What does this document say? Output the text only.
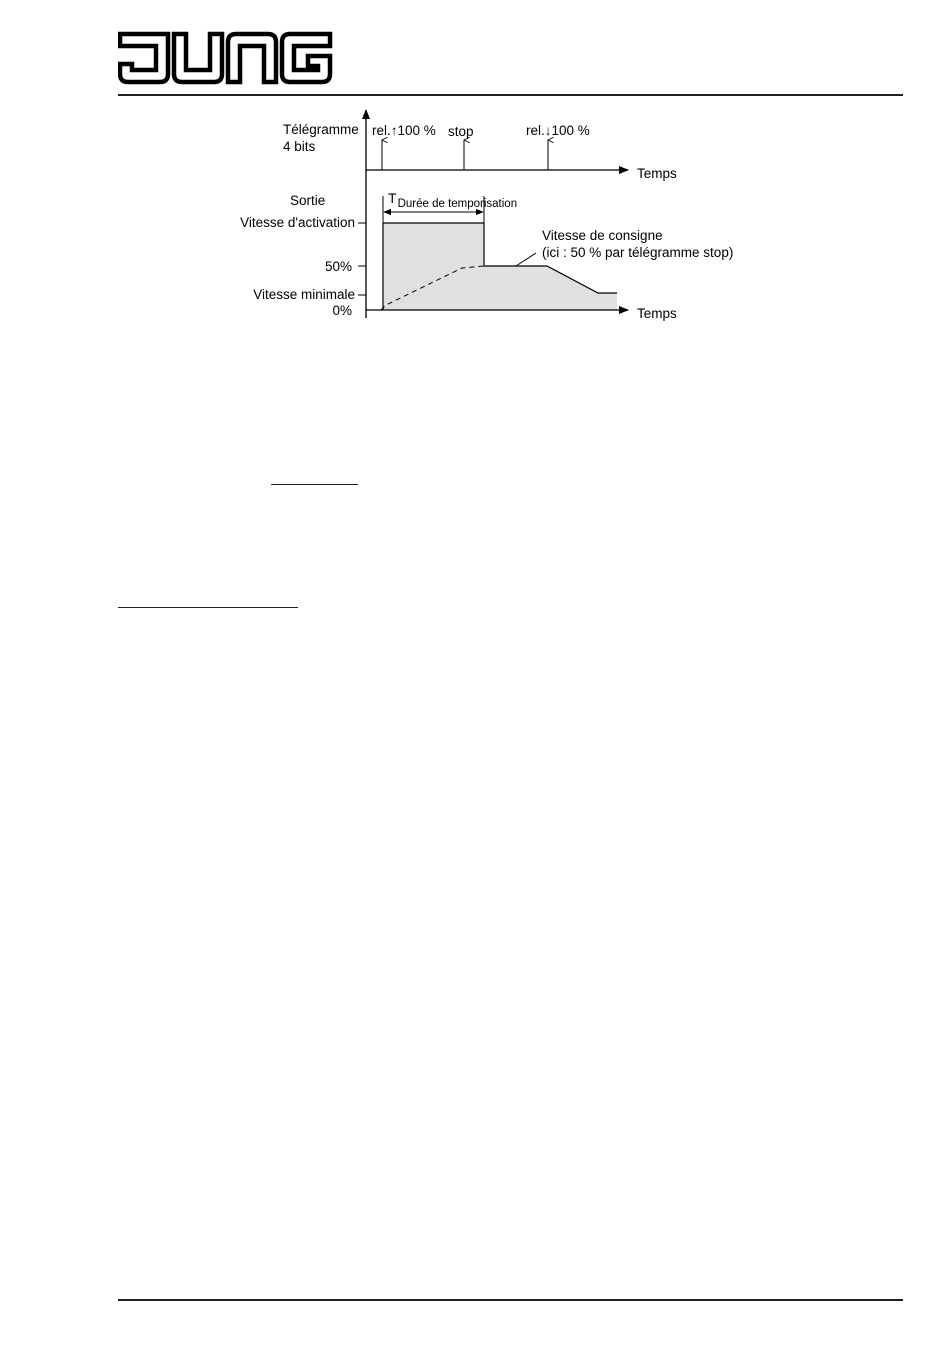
Télégramme
4 bits
rel.↑100 % stop	rel.↓100 %
Temps
Temps
Sortie
Vitesse d'activation
50%
Vitesse minimale
0%
TDurée de temporisation
Vitesse de consigne
(ici : 50 % par télégramme stop)
